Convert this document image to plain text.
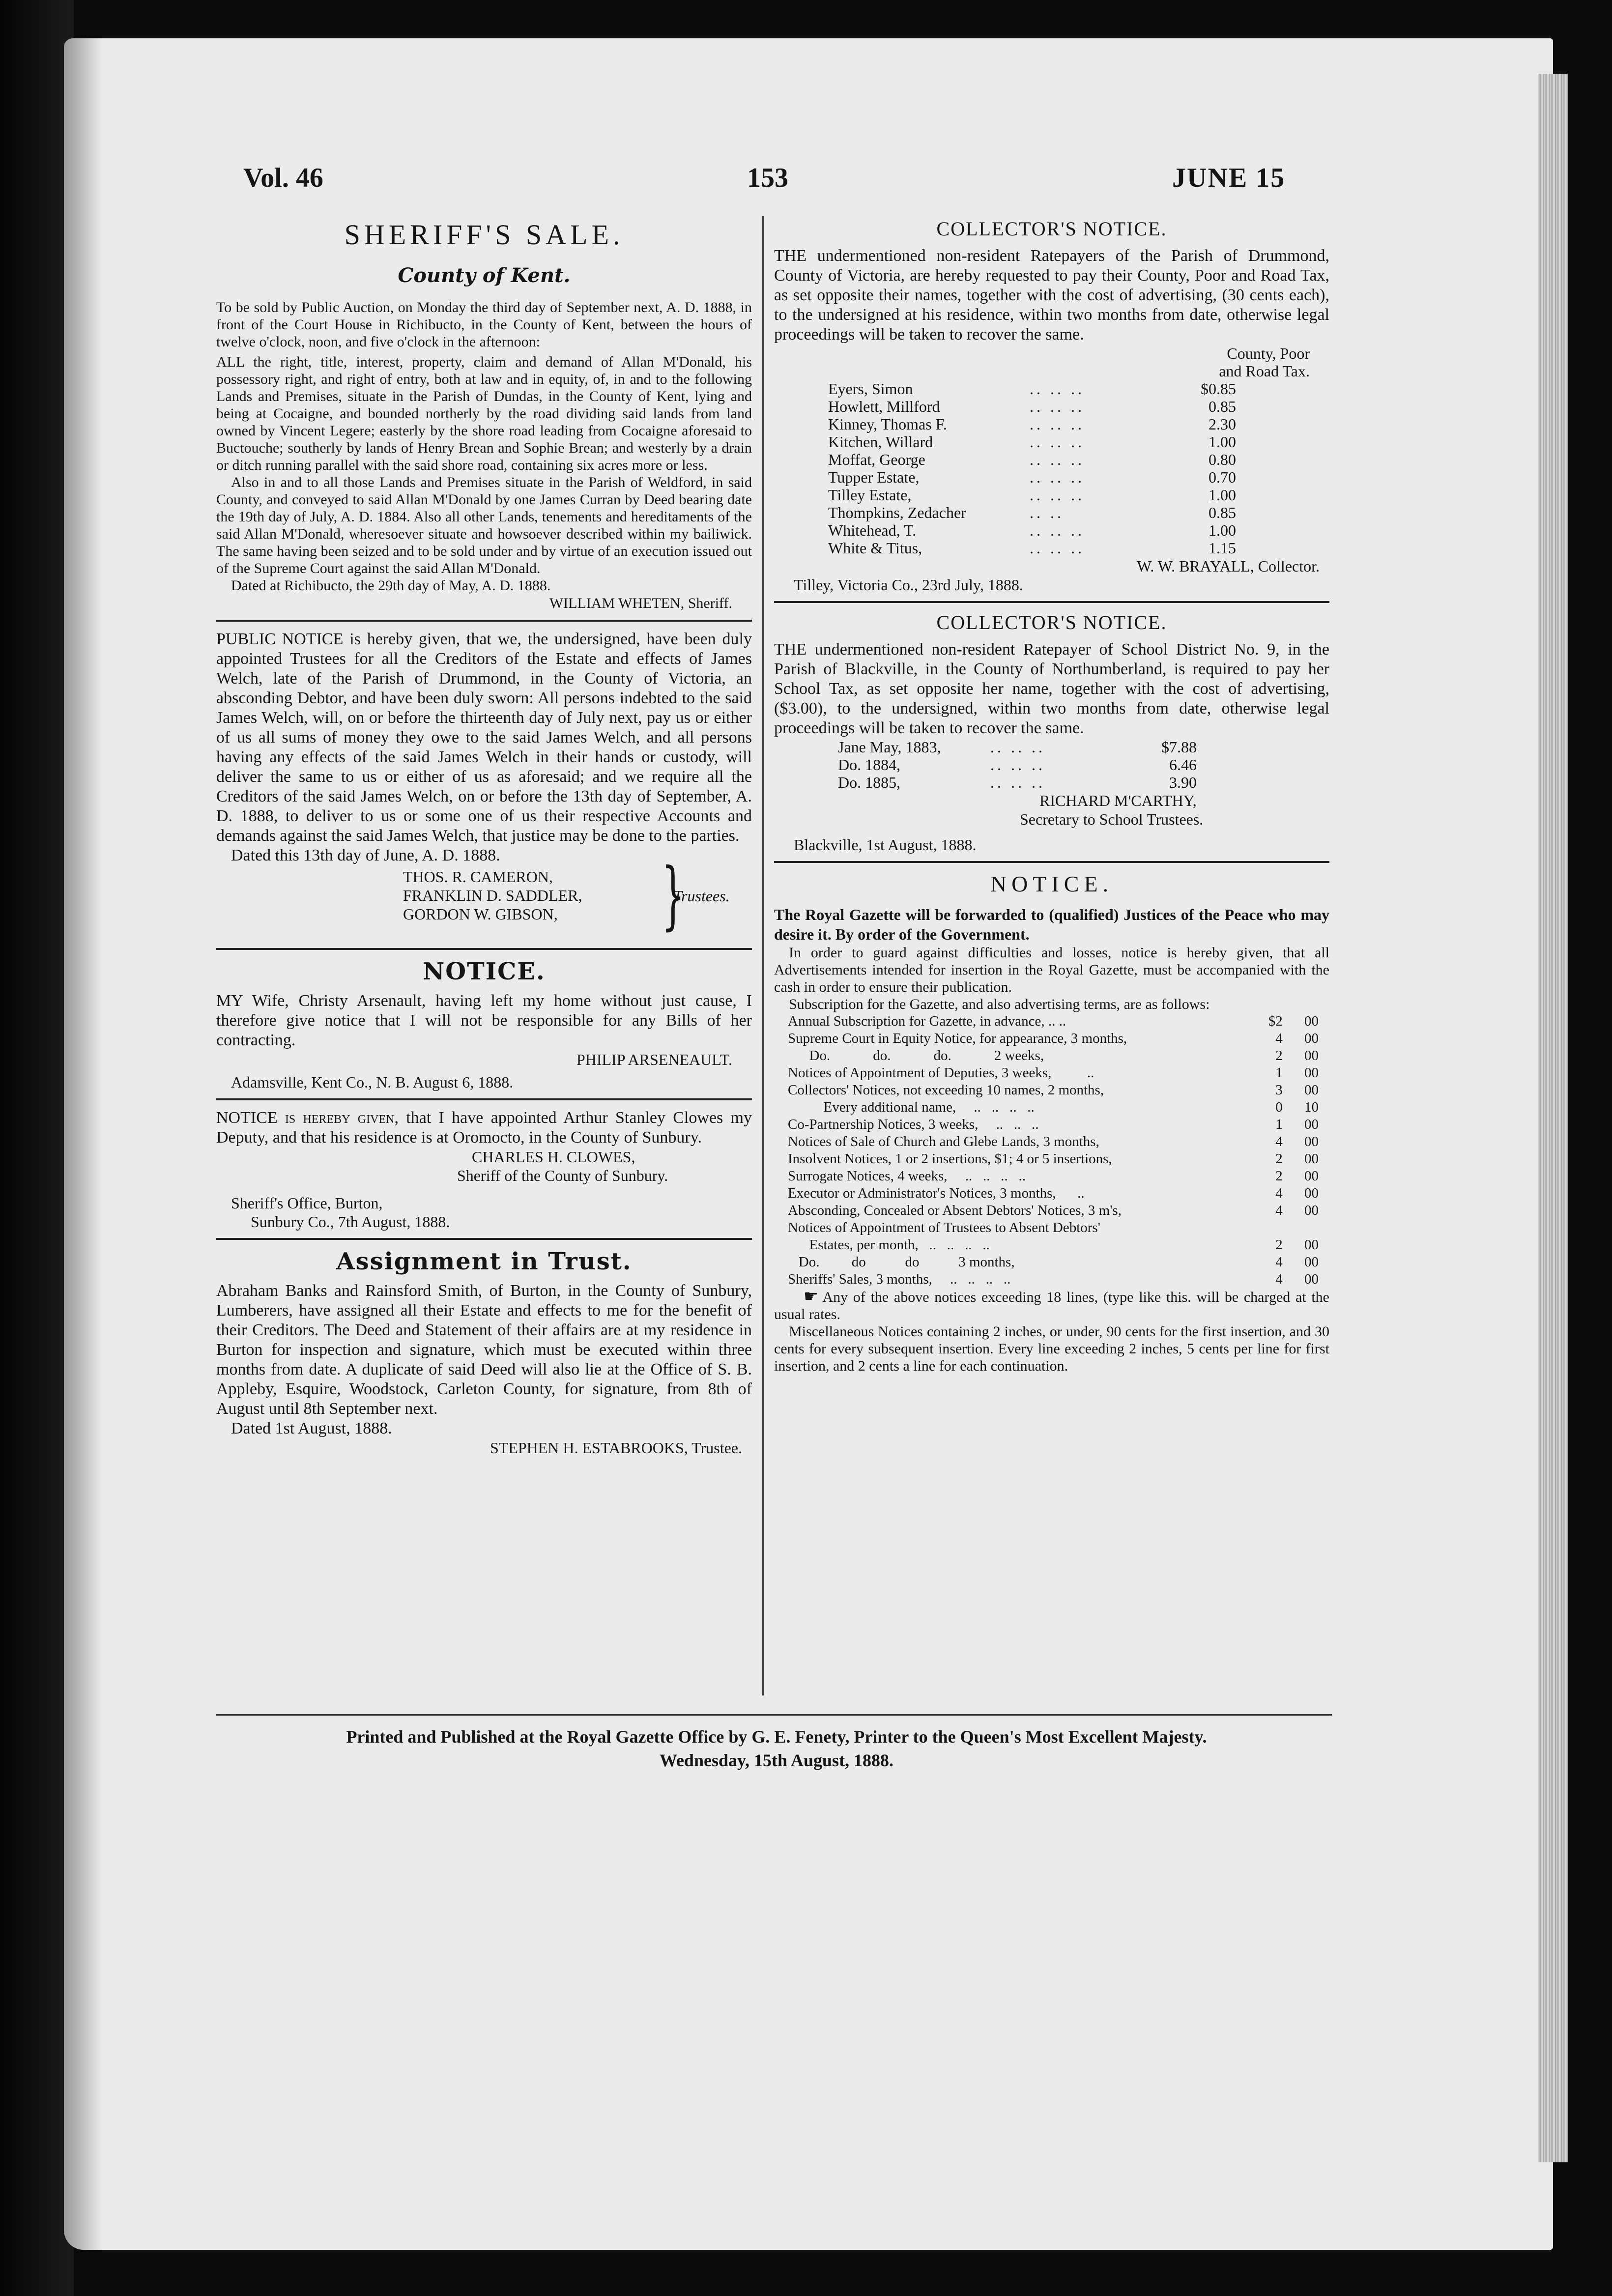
Vol. 46	153	JUNE 15
SHERIFF'S SALE.
County of Kent.

To be sold by Public Auction, on Monday the third day of September next, A. D. 1888, in front of the Court House in Richibucto, in the County of Kent, between the hours of twelve o'clock, noon, and five o'clock in the afternoon:

ALL the right, title, interest, property, claim and demand of Allan M'Donald, his possessory right, and right of entry, both at law and in equity, of, in and to the following Lands and Premises, situate in the Parish of Dundas, in the County of Kent, lying and being at Cocaigne, and bounded northerly by the road dividing said lands from land owned by Vincent Legere; easterly by the shore road leading from Cocaigne aforesaid to Buctouche; southerly by lands of Henry Brean and Sophie Brean; and westerly by a drain or ditch running parallel with the said shore road, containing six acres more or less.

Also in and to all those Lands and Premises situate in the Parish of Weldford, in said County, and conveyed to said Allan M'Donald by one James Curran by Deed bearing date the 19th day of July, A. D. 1884. Also all other Lands, tenements and hereditaments of the said Allan M'Donald, wheresoever situate and howsoever described within my bailiwick. The same having been seized and to be sold under and by virtue of an execution issued out of the Supreme Court against the said Allan M'Donald.

Dated at Richibucto, the 29th day of May, A. D. 1888.

WILLIAM WHETEN, Sheriff.

PUBLIC NOTICE is hereby given, that we, the undersigned, have been duly appointed Trustees for all the Creditors of the Estate and effects of James Welch, late of the Parish of Drummond, in the County of Victoria, an absconding Debtor, and have been duly sworn: All persons indebted to the said James Welch, will, on or before the thirteenth day of July next, pay us or either of us all sums of money they owe to the said James Welch, and all persons having any effects of the said James Welch in their hands or custody, will deliver the same to us or either of us as aforesaid; and we require all the Creditors of the said James Welch, on or before the 13th day of September, A. D. 1888, to deliver to us or some one of us their respective Accounts and demands against the said James Welch, that justice may be done to the parties.

Dated this 13th day of June, A. D. 1888.

THOS. R. CAMERON,
FRANKLIN D. SADDLER,
GORDON W. GIBSON,	}
Trustees.
NOTICE.

MY Wife, Christy Arsenault, having left my home without just cause, I therefore give notice that I will not be responsible for any Bills of her contracting.

PHILIP ARSENEAULT.
Adamsville, Kent Co., N. B. August 6, 1888.

NOTICE is hereby given, that I have appointed Arthur Stanley Clowes my Deputy, and that his residence is at Oromocto, in the County of Sunbury.

CHARLES H. CLOWES,
Sheriff of the County of Sunbury.
Sheriff's Office, Burton,
Sunbury Co., 7th August, 1888.
Assignment in Trust.

Abraham Banks and Rainsford Smith, of Burton, in the County of Sunbury, Lumberers, have assigned all their Estate and effects to me for the benefit of their Creditors. The Deed and Statement of their affairs are at my residence in Burton for inspection and signature, which must be executed within three months from date. A duplicate of said Deed will also lie at the Office of S. B. Appleby, Esquire, Woodstock, Carleton County, for signature, from 8th of August until 8th September next.

Dated 1st August, 1888.

STEPHEN H. ESTABROOKS, Trustee.
COLLECTOR'S NOTICE.

THE undermentioned non-resident Ratepayers of the Parish of Drummond, County of Victoria, are hereby requested to pay their County, Poor and Road Tax, as set opposite their names, together with the cost of advertising, (30 cents each), to the undersigned at his residence, within two months from date, otherwise legal proceedings will be taken to recover the same.

County, Poor
and Road Tax.
Eyers, Simon	.. .. ..	$0.85
Howlett, Millford	.. .. ..	0.85
Kinney, Thomas F.	.. .. ..	2.30
Kitchen, Willard	.. .. ..	1.00
Moffat, George	.. .. ..	0.80
Tupper Estate,	.. .. ..	0.70
Tilley Estate,	.. .. ..	1.00
Thompkins, Zedacher	.. ..	0.85
Whitehead, T.	.. .. ..	1.00
White & Titus,	.. .. ..	1.15
W. W. BRAYALL, Collector.
Tilley, Victoria Co., 23rd July, 1888.
COLLECTOR'S NOTICE.

THE undermentioned non-resident Ratepayer of School District No. 9, in the Parish of Blackville, in the County of Northumberland, is required to pay her School Tax, as set opposite her name, together with the cost of advertising, ($3.00), to the undersigned, within two months from date, otherwise legal proceedings will be taken to recover the same.

Jane May, 1883,	.. .. ..	$7.88
Do. 1884,	.. .. ..	6.46
Do. 1885,	.. .. ..	3.90
RICHARD M'CARTHY,
Secretary to School Trustees.
Blackville, 1st August, 1888.
NOTICE.

The Royal Gazette will be forwarded to (qualified) Justices of the Peace who may desire it. By order of the Government.

In order to guard against difficulties and losses, notice is hereby given, that all Advertisements intended for insertion in the Royal Gazette, must be accompanied with the cash in order to ensure their publication.

Subscription for the Gazette, and also advertising terms, are as follows:

Annual Subscription for Gazette, in advance, .. ..	$2	00
Supreme Court in Equity Notice, for appearance, 3 months,	4	00
Do.            do.            do.            2 weeks,	2	00
Notices of Appointment of Deputies, 3 weeks,          ..	1	00
Collectors' Notices, not exceeding 10 names, 2 months,	3	00
Every additional name,     ..   ..   ..   ..	0	10
Co-Partnership Notices, 3 weeks,     ..   ..   ..	1	00
Notices of Sale of Church and Glebe Lands, 3 months,	4	00
Insolvent Notices, 1 or 2 insertions, $1; 4 or 5 insertions,	2	00
Surrogate Notices, 4 weeks,     ..   ..   ..   ..	2	00
Executor or Administrator's Notices, 3 months,      ..	4	00
Absconding, Concealed or Absent Debtors' Notices, 3 m's,	4	00
Notices of Appointment of Trustees to Absent Debtors'		
Estates, per month,   ..   ..   ..   ..	2	00
Do.         do           do           3 months,	4	00
Sheriffs' Sales, 3 months,     ..   ..   ..   ..	4	00

☛ Any of the above notices exceeding 18 lines, (type like this. will be charged at the usual rates.

Miscellaneous Notices containing 2 inches, or under, 90 cents for the first insertion, and 30 cents for every subsequent insertion. Every line exceeding 2 inches, 5 cents per line for first insertion, and 2 cents a line for each continuation.

Printed and Published at the Royal Gazette Office by G. E. Fenety, Printer to the Queen's Most Excellent Majesty.
Wednesday, 15th August, 1888.
